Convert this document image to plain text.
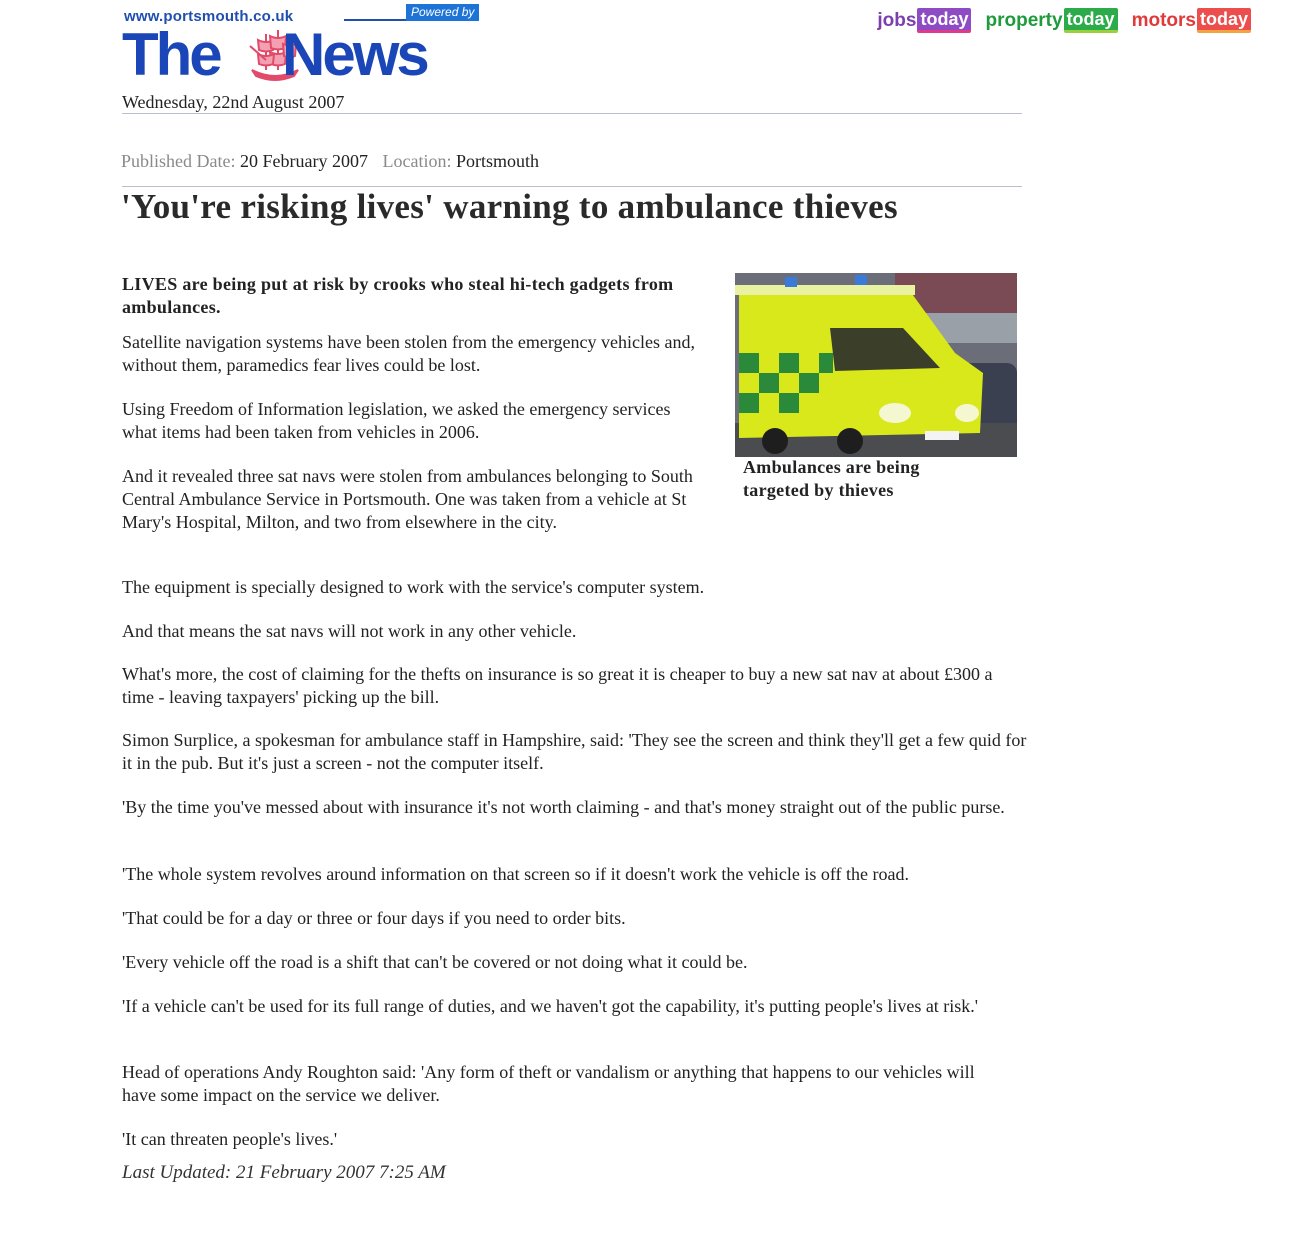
www.portsmouth.co.uk	Powered by
The News
jobs today property today motors today
Wednesday, 22nd August 2007
Published Date: 20 February 2007 Location: Portsmouth
'You're risking lives' warning to ambulance thieves

LIVES are being put at risk by crooks who steal hi-tech gadgets from ambulances.

Ambulances are being targeted by thieves

Satellite navigation systems have been stolen from the emergency vehicles and, without them, paramedics fear lives could be lost.

Using Freedom of Information legislation, we asked the emergency services what items had been taken from vehicles in 2006.

And it revealed three sat navs were stolen from ambulances belonging to South Central Ambulance Service in Portsmouth. One was taken from a vehicle at St Mary's Hospital, Milton, and two from elsewhere in the city.

The equipment is specially designed to work with the service's computer system.

And that means the sat navs will not work in any other vehicle.

What's more, the cost of claiming for the thefts on insurance is so great it is cheaper to buy a new sat nav at about £300 a time - leaving taxpayers' picking up the bill.

Simon Surplice, a spokesman for ambulance staff in Hampshire, said: 'They see the screen and think they'll get a few quid for it in the pub. But it's just a screen - not the computer itself.

'By the time you've messed about with insurance it's not worth claiming - and that's money straight out of the public purse.

'The whole system revolves around information on that screen so if it doesn't work the vehicle is off the road.

'That could be for a day or three or four days if you need to order bits.

'Every vehicle off the road is a shift that can't be covered or not doing what it could be.

'If a vehicle can't be used for its full range of duties, and we haven't got the capability, it's putting people's lives at risk.'

Head of operations Andy Roughton said: 'Any form of theft or vandalism or anything that happens to our vehicles will have some impact on the service we deliver.

'It can threaten people's lives.'

Last Updated: 21 February 2007 7:25 AM
